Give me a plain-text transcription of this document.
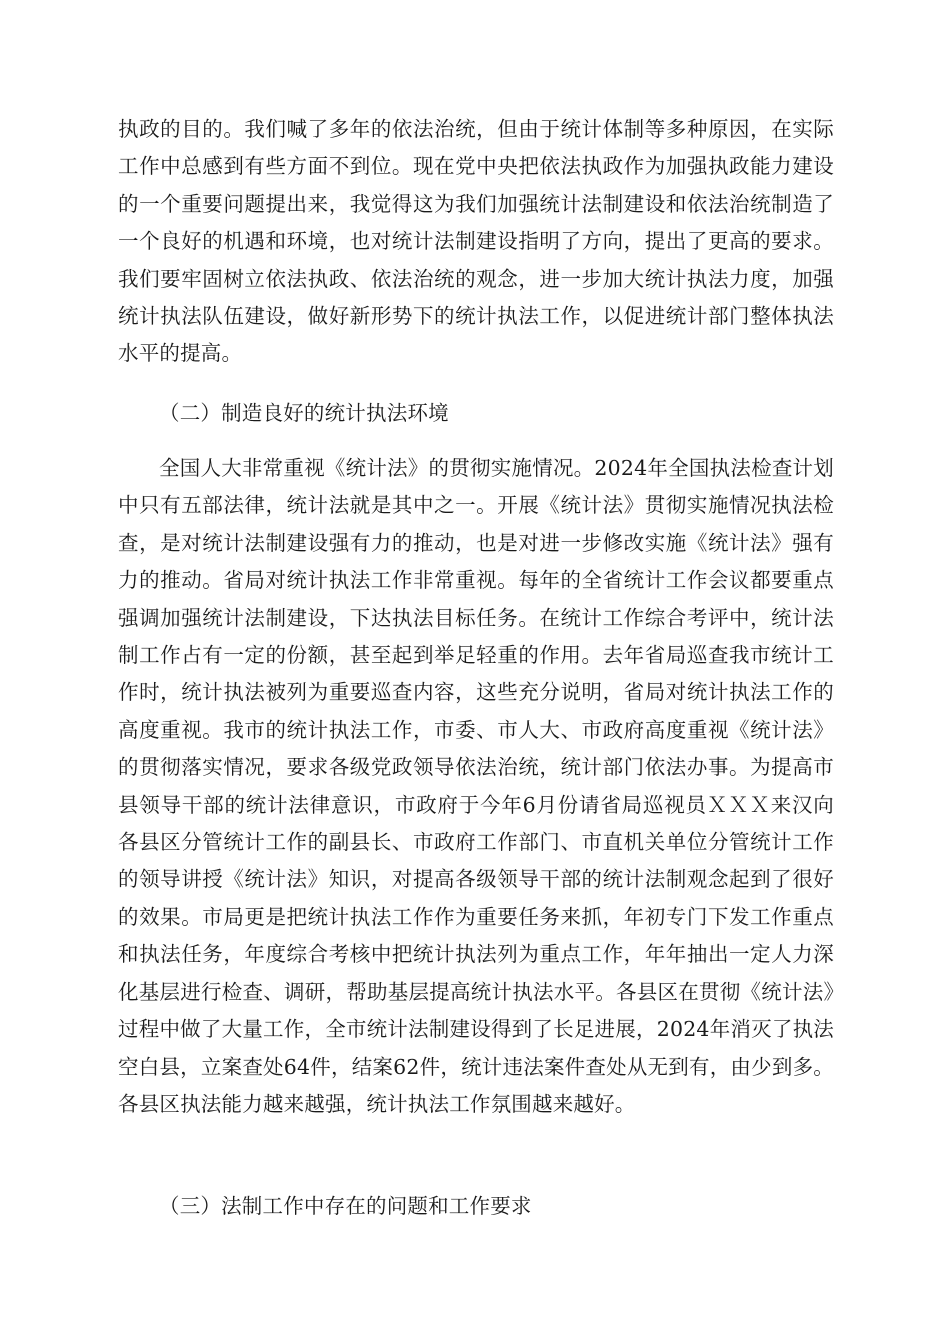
执政的目的。我们喊了多年的依法治统，但由于统计体制等多种原因，在实际工作中总感到有些方面不到位。现在党中央把依法执政作为加强执政能力建设的一个重要问题提出来，我觉得这为我们加强统计法制建设和依法治统制造了一个良好的机遇和环境，也对统计法制建设指明了方向，提出了更高的要求。我们要牢固树立依法执政、依法治统的观念，进一步加大统计执法力度，加强统计执法队伍建设，做好新形势下的统计执法工作，以促进统计部门整体执法水平的提高。

（二）制造良好的统计执法环境

全国人大非常重视《统计法》的贯彻实施情况。2024年全国执法检查计划中只有五部法律，统计法就是其中之一。开展《统计法》贯彻实施情况执法检查，是对统计法制建设强有力的推动，也是对进一步修改实施《统计法》强有力的推动。省局对统计执法工作非常重视。每年的全省统计工作会议都要重点强调加强统计法制建设，下达执法目标任务。在统计工作综合考评中，统计法制工作占有一定的份额，甚至起到举足轻重的作用。去年省局巡查我市统计工作时，统计执法被列为重要巡查内容，这些充分说明，省局对统计执法工作的高度重视。我市的统计执法工作，市委、市人大、市政府高度重视《统计法》的贯彻落实情况，要求各级党政领导依法治统，统计部门依法办事。为提高市县领导干部的统计法律意识，市政府于今年6月份请省局巡视员ＸＸＸ来汉向各县区分管统计工作的副县长、市政府工作部门、市直机关单位分管统计工作的领导讲授《统计法》知识，对提高各级领导干部的统计法制观念起到了很好的效果。市局更是把统计执法工作作为重要任务来抓，年初专门下发工作重点和执法任务，年度综合考核中把统计执法列为重点工作，年年抽出一定人力深化基层进行检查、调研，帮助基层提高统计执法水平。各县区在贯彻《统计法》过程中做了大量工作，全市统计法制建设得到了长足进展，2024年消灭了执法空白县，立案查处64件，结案62件，统计违法案件查处从无到有，由少到多。各县区执法能力越来越强，统计执法工作氛围越来越好。

（三）法制工作中存在的问题和工作要求
